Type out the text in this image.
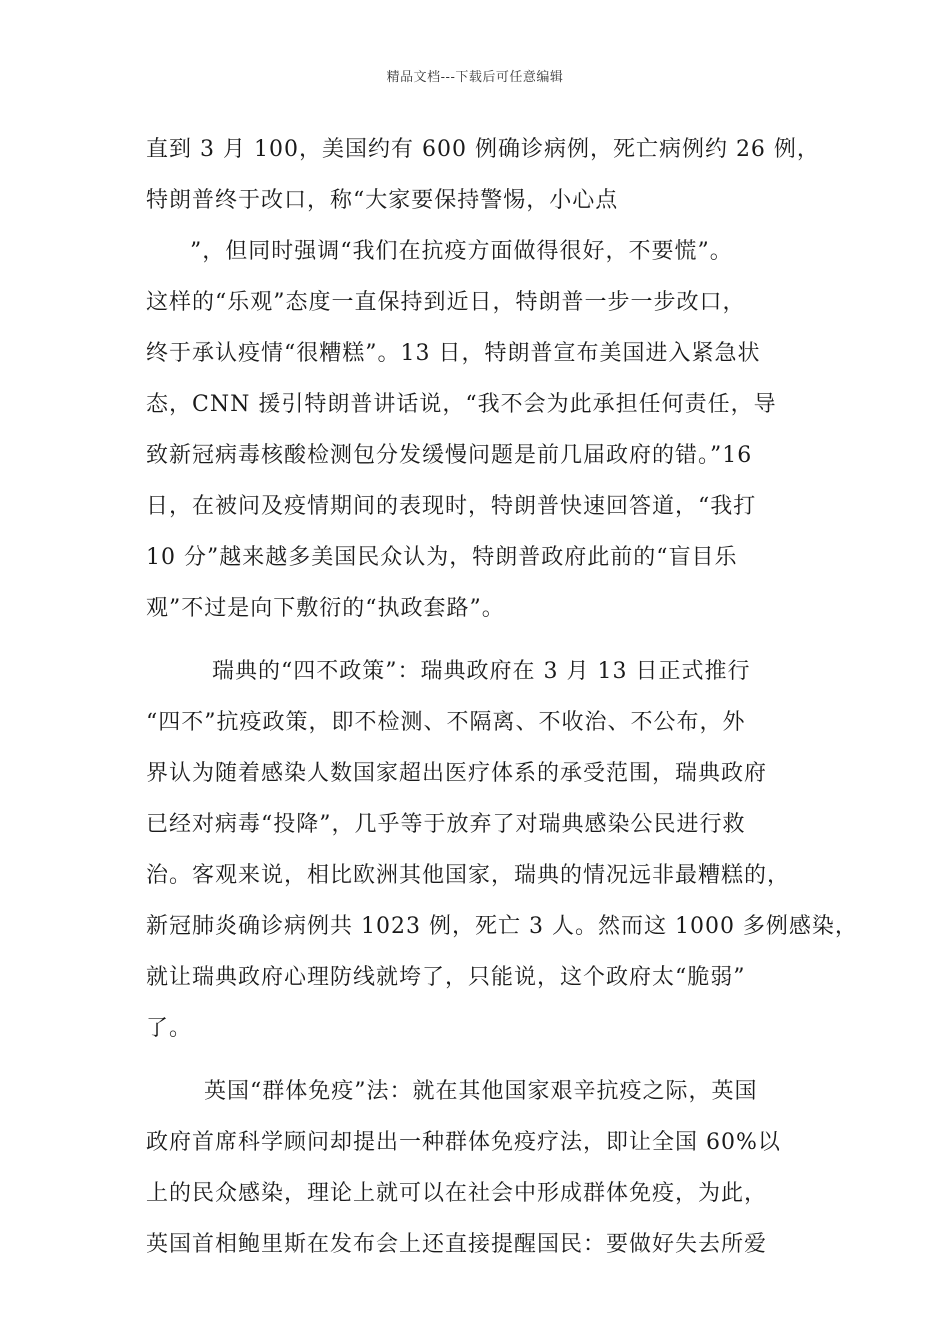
精品文档---下载后可任意编辑
直到 3 月 100，美国约有 600 例确诊病例，死亡病例约 26 例，
特朗普终于改口，称“大家要保持警惕，小心点
”，但同时强调“我们在抗疫方面做得很好，不要慌”。
这样的“乐观”态度一直保持到近日，特朗普一步一步改口，
终于承认疫情“很糟糕”。13 日，特朗普宣布美国进入紧急状
态，CNN 援引特朗普讲话说，“我不会为此承担任何责任，导
致新冠病毒核酸检测包分发缓慢问题是前几届政府的错。”16
日，在被问及疫情期间的表现时，特朗普快速回答道，“我打
10 分”越来越多美国民众认为，特朗普政府此前的“盲目乐
观”不过是向下敷衍的“执政套路”。
瑞典的“四不政策”：瑞典政府在 3 月 13 日正式推行
“四不”抗疫政策，即不检测、不隔离、不收治、不公布，外
界认为随着感染人数国家超出医疗体系的承受范围，瑞典政府
已经对病毒“投降”，几乎等于放弃了对瑞典感染公民进行救
治。客观来说，相比欧洲其他国家，瑞典的情况远非最糟糕的，
新冠肺炎确诊病例共 1023 例，死亡 3 人。然而这 1000 多例感染，
就让瑞典政府心理防线就垮了，只能说，这个政府太“脆弱”
了。
英国“群体免疫”法：就在其他国家艰辛抗疫之际，英国
政府首席科学顾问却提出一种群体免疫疗法，即让全国 60%以
上的民众感染，理论上就可以在社会中形成群体免疫，为此，
英国首相鲍里斯在发布会上还直接提醒国民：要做好失去所爱
